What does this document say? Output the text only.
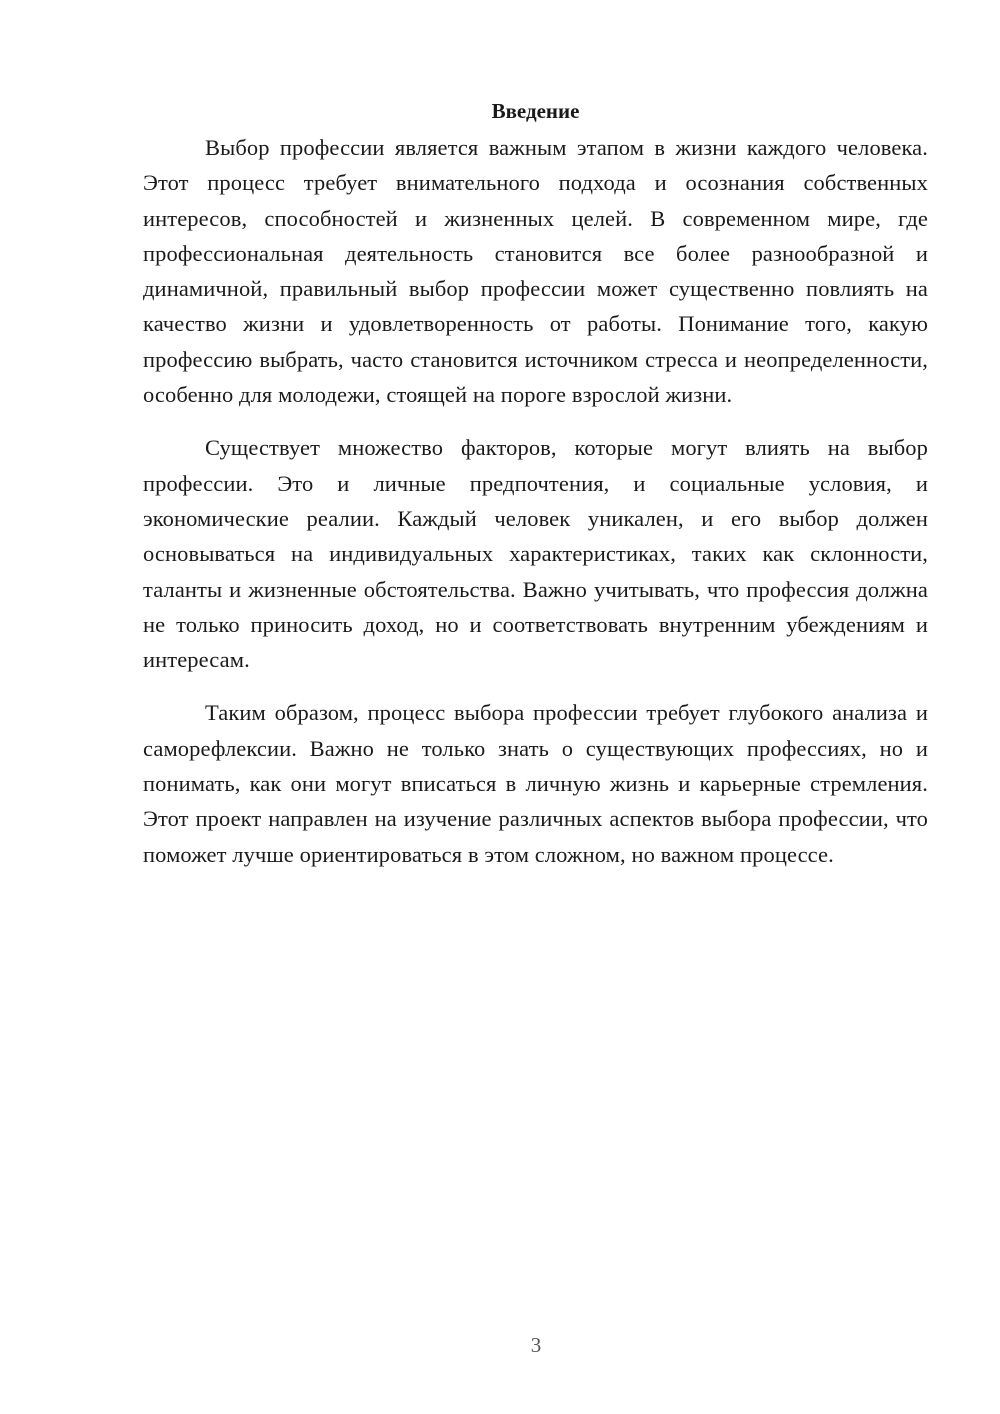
Введение

Выбор профессии является важным этапом в жизни каждого человека. Этот процесс требует внимательного подхода и осознания собственных интересов, способностей и жизненных целей. В современном мире, где профессиональная деятельность становится все более разнообразной и динамичной, правильный выбор профессии может существенно повлиять на качество жизни и удовлетворенность от работы. Понимание того, какую профессию выбрать, часто становится источником стресса и неопределенности, особенно для молодежи, стоящей на пороге взрослой жизни.

Существует множество факторов, которые могут влиять на выбор профессии. Это и личные предпочтения, и социальные условия, и экономические реалии. Каждый человек уникален, и его выбор должен основываться на индивидуальных характеристиках, таких как склонности, таланты и жизненные обстоятельства. Важно учитывать, что профессия должна не только приносить доход, но и соответствовать внутренним убеждениям и интересам.

Таким образом, процесс выбора профессии требует глубокого анализа и саморефлексии. Важно не только знать о существующих профессиях, но и понимать, как они могут вписаться в личную жизнь и карьерные стремления. Этот проект направлен на изучение различных аспектов выбора профессии, что поможет лучше ориентироваться в этом сложном, но важном процессе.

3
